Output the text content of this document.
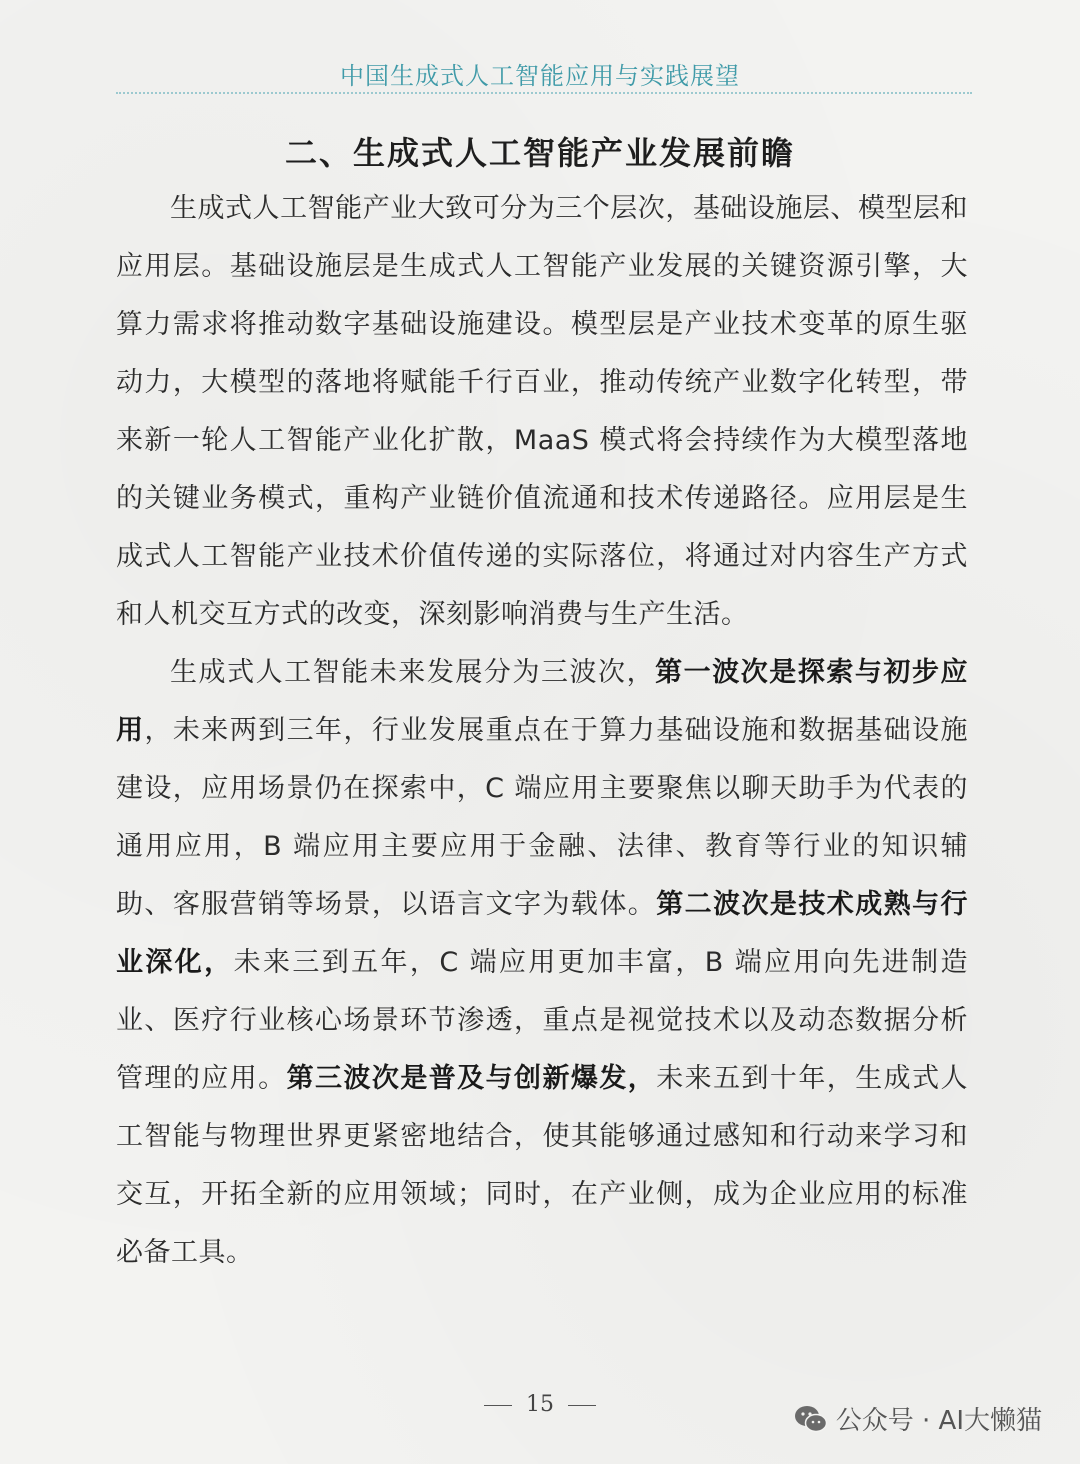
中国生成式人工智能应用与实践展望
二、生成式人工智能产业发展前瞻

生成式人工智能产业大致可分为三个层次，基础设施层、模型层和应用层。基础设施层是生成式人工智能产业发展的关键资源引擎，大算力需求将推动数字基础设施建设。模型层是产业技术变革的原生驱动力，大模型的落地将赋能千行百业，推动传统产业数字化转型，带来新一轮人工智能产业化扩散，MaaS 模式将会持续作为大模型落地的关键业务模式，重构产业链价值流通和技术传递路径。应用层是生成式人工智能产业技术价值传递的实际落位，将通过对内容生产方式和人机交互方式的改变，深刻影响消费与生产生活。

生成式人工智能未来发展分为三波次，第一波次是探索与初步应用，未来两到三年，行业发展重点在于算力基础设施和数据基础设施建设，应用场景仍在探索中，C 端应用主要聚焦以聊天助手为代表的通用应用，B 端应用主要应用于金融、法律、教育等行业的知识辅助、客服营销等场景，以语言文字为载体。第二波次是技术成熟与行业深化，未来三到五年，C 端应用更加丰富，B 端应用向先进制造业、医疗行业核心场景环节渗透，重点是视觉技术以及动态数据分析管理的应用。第三波次是普及与创新爆发，未来五到十年，生成式人工智能与物理世界更紧密地结合，使其能够通过感知和行动来学习和交互，开拓全新的应用领域；同时，在产业侧，成为企业应用的标准必备工具。

15
公众号 · AI大懒猫
